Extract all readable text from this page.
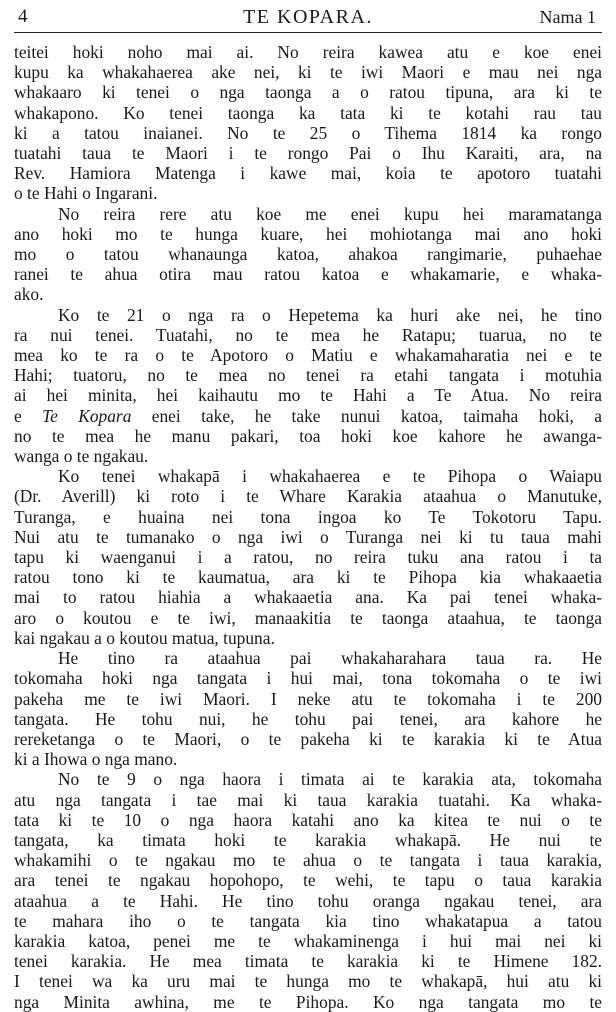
4	TE KOPARA.	Nama 1

teitei hoki noho mai ai. No reira kawea atu e koe enei
kupu ka whakahaerea ake nei, ki te iwi Maori e mau nei nga
whakaaro ki tenei o nga taonga a o ratou tipuna, ara ki te
whakapono. Ko tenei taonga ka tata ki te kotahi rau tau
ki a tatou inaianei. No te 25 o Tihema 1814 ka rongo
tuatahi taua te Maori i te rongo Pai o Ihu Karaiti, ara, na
Rev. Hamiora Matenga i kawe mai, koia te apotoro tuatahi
o te Hahi o Ingarani.

No reira rere atu koe me enei kupu hei maramatanga
ano hoki mo te hunga kuare, hei mohiotanga mai ano hoki
mo o tatou whanaunga katoa, ahakoa rangimarie, puhaehae
ranei te ahua otira mau ratou katoa e whakamarie, e whaka-
ako.

Ko te 21 o nga ra o Hepetema ka huri ake nei, he tino
ra nui tenei. Tuatahi, no te mea he Ratapu; tuarua, no te
mea ko te ra o te Apotoro o Matiu e whakamaharatia nei e te
Hahi; tuatoru, no te mea no tenei ra etahi tangata i motuhia
ai hei minita, hei kaihautu mo te Hahi a Te Atua. No reira
e Te Kopara enei take, he take nunui katoa, taimaha hoki, a
no te mea he manu pakari, toa hoki koe kahore he awanga-
wanga o te ngakau.

Ko tenei whakapā i whakahaerea e te Pihopa o Waiapu
(Dr. Averill) ki roto i te Whare Karakia ataahua o Manutuke,
Turanga, e huaina nei tona ingoa ko Te Tokotoru Tapu.
Nui atu te tumanako o nga iwi o Turanga nei ki tu taua mahi
tapu ki waenganui i a ratou, no reira tuku ana ratou i ta
ratou tono ki te kaumatua, ara ki te Pihopa kia whakaaetia
mai to ratou hiahia a whakaaetia ana. Ka pai tenei whaka-
aro o koutou e te iwi, manaakitia te taonga ataahua, te taonga
kai ngakau a o koutou matua, tupuna.

He tino ra ataahua pai whakaharahara taua ra. He
tokomaha hoki nga tangata i hui mai, tona tokomaha o te iwi
pakeha me te iwi Maori. I neke atu te tokomaha i te 200
tangata. He tohu nui, he tohu pai tenei, ara kahore he
rereketanga o te Maori, o te pakeha ki te karakia ki te Atua
ki a Ihowa o nga mano.

No te 9 o nga haora i timata ai te karakia ata, tokomaha
atu nga tangata i tae mai ki taua karakia tuatahi. Ka whaka-
tata ki te 10 o nga haora katahi ano ka kitea te nui o te
tangata, ka timata hoki te karakia whakapā. He nui te
whakamihi o te ngakau mo te ahua o te tangata i taua karakia,
ara tenei te ngakau hopohopo, te wehi, te tapu o taua karakia
ataahua a te Hahi. He tino tohu oranga ngakau tenei, ara
te mahara iho o te tangata kia tino whakatapua a tatou
karakia katoa, penei me te whakaminenga i hui mai nei ki
tenei karakia. He mea timata te karakia ki te Himene 182.
I tenei wa ka uru mai te hunga mo te whakapā, hui atu ki
nga Minita awhina, me te Pihopa. Ko nga tangata mo te
